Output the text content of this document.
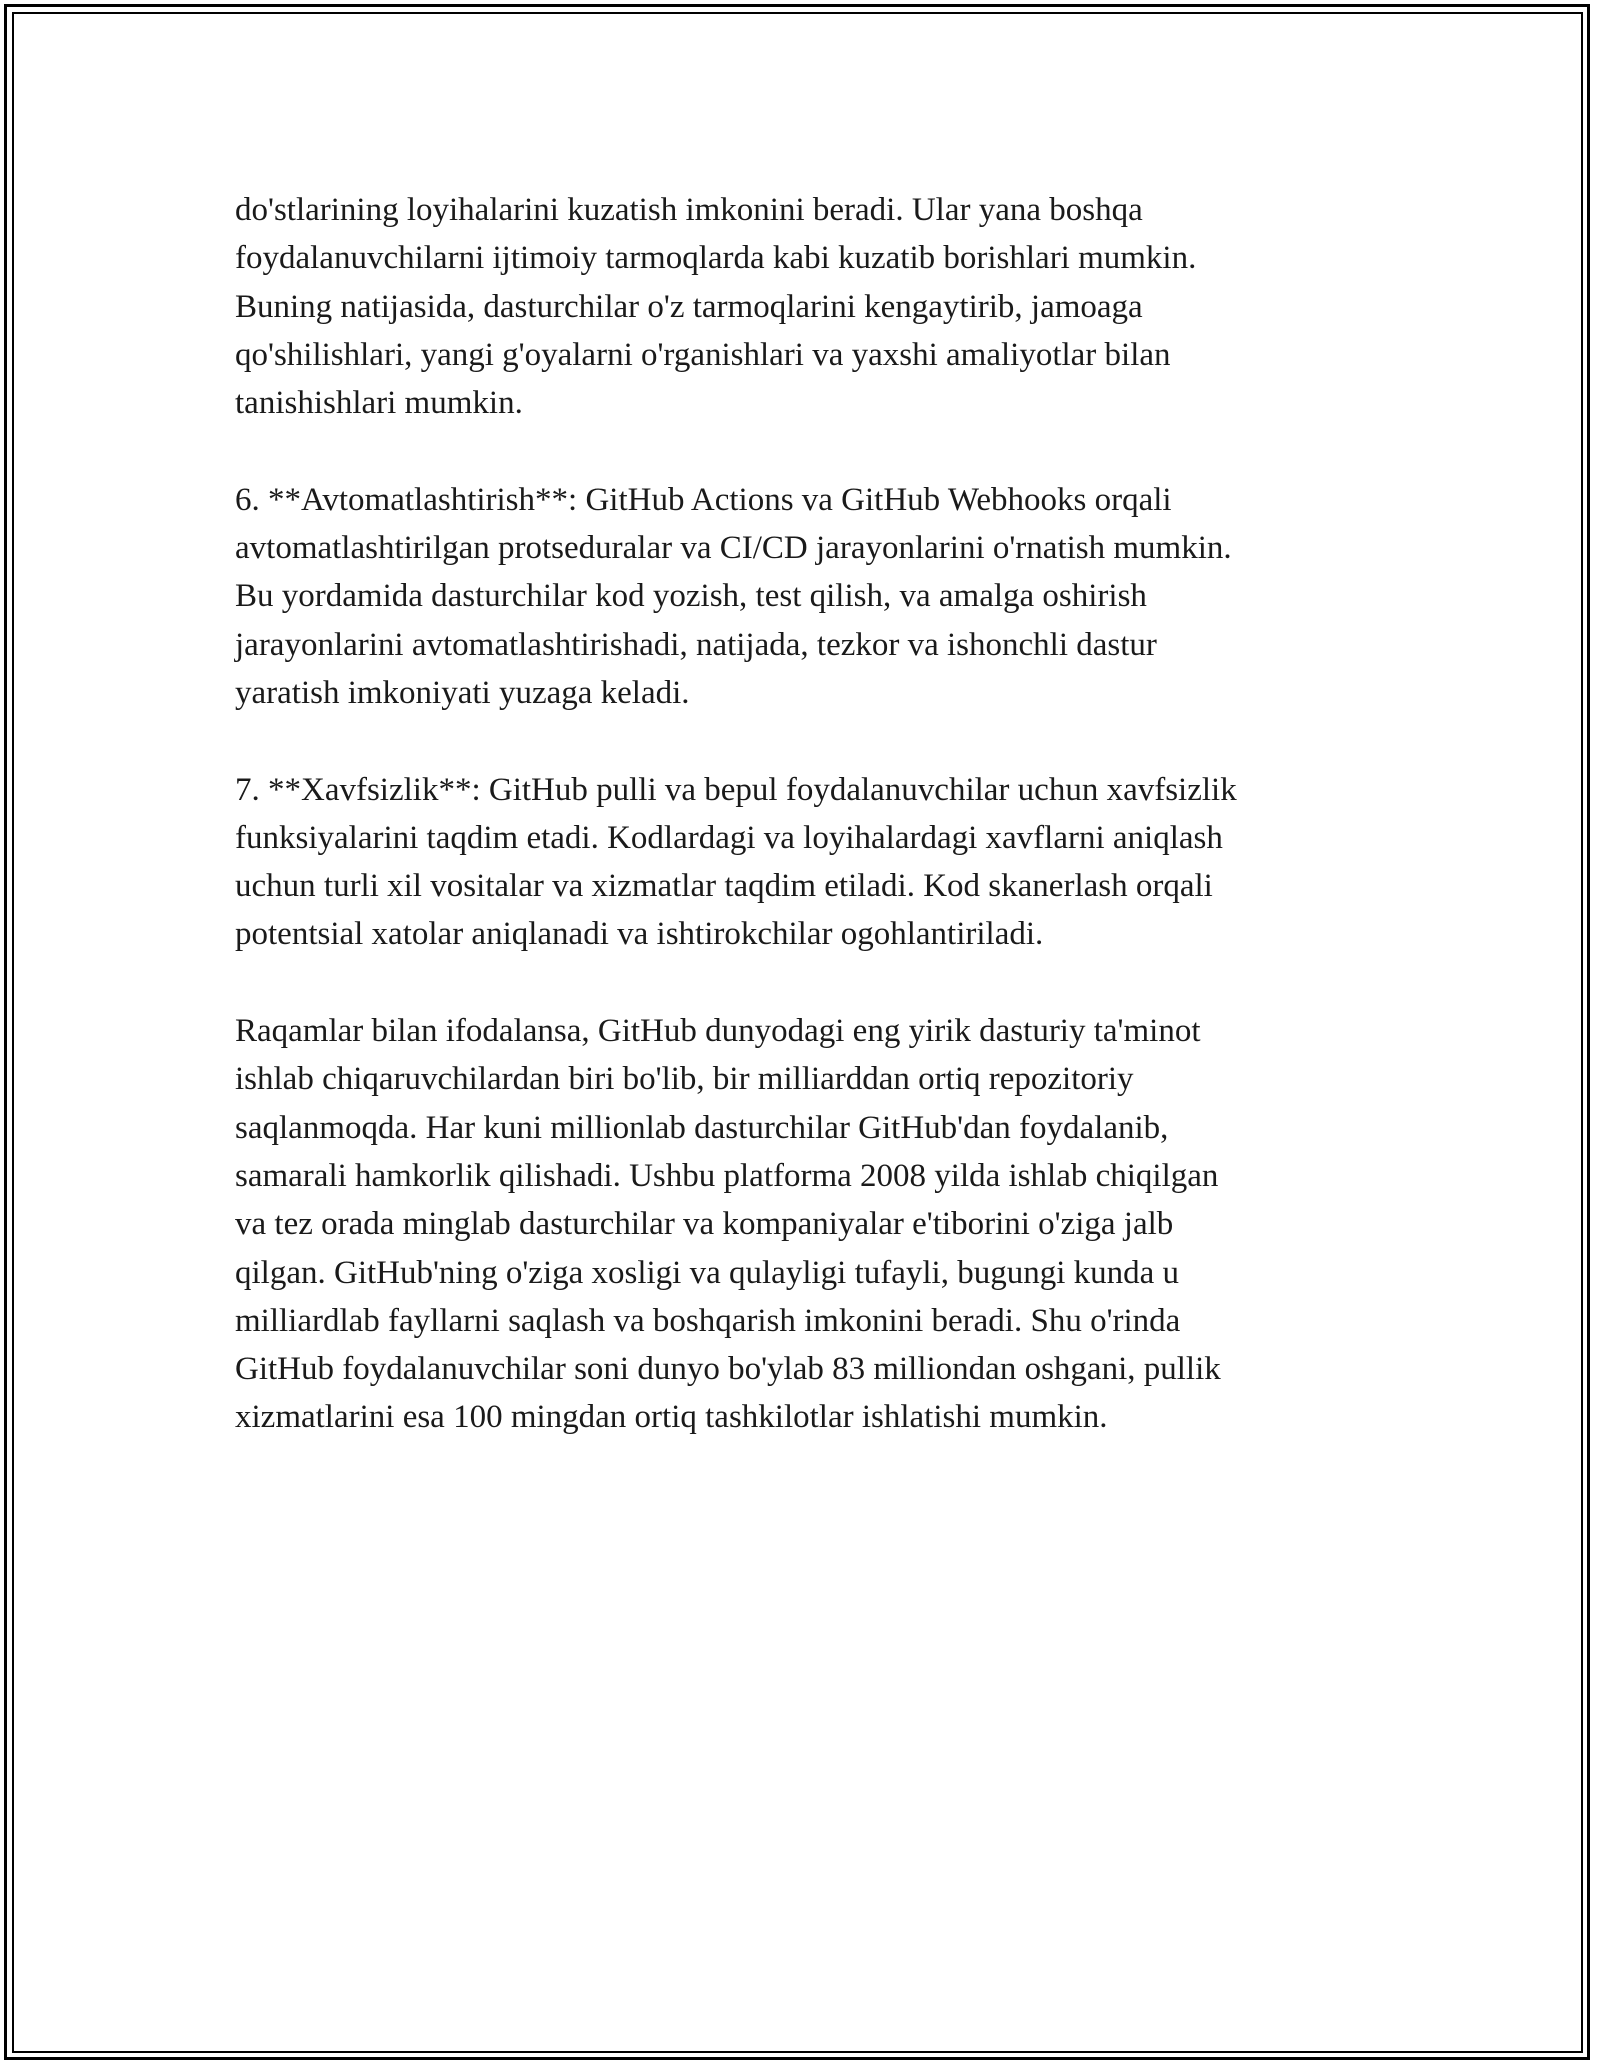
do'stlarining loyihalarini kuzatish imkonini beradi. Ular yana boshqa
foydalanuvchilarni ijtimoiy tarmoqlarda kabi kuzatib borishlari mumkin.
Buning natijasida, dasturchilar o'z tarmoqlarini kengaytirib, jamoaga
qo'shilishlari, yangi g'oyalarni o'rganishlari va yaxshi amaliyotlar bilan
tanishishlari mumkin.
6. **Avtomatlashtirish**: GitHub Actions va GitHub Webhooks orqali
avtomatlashtirilgan protseduralar va CI/CD jarayonlarini o'rnatish mumkin.
Bu yordamida dasturchilar kod yozish, test qilish, va amalga oshirish
jarayonlarini avtomatlashtirishadi, natijada, tezkor va ishonchli dastur
yaratish imkoniyati yuzaga keladi.
7. **Xavfsizlik**: GitHub pulli va bepul foydalanuvchilar uchun xavfsizlik
funksiyalarini taqdim etadi. Kodlardagi va loyihalardagi xavflarni aniqlash
uchun turli xil vositalar va xizmatlar taqdim etiladi. Kod skanerlash orqali
potentsial xatolar aniqlanadi va ishtirokchilar ogohlantiriladi.
Raqamlar bilan ifodalansa, GitHub dunyodagi eng yirik dasturiy ta'minot
ishlab chiqaruvchilardan biri bo'lib, bir milliarddan ortiq repozitoriy
saqlanmoqda. Har kuni millionlab dasturchilar GitHub'dan foydalanib,
samarali hamkorlik qilishadi. Ushbu platforma 2008 yilda ishlab chiqilgan
va tez orada minglab dasturchilar va kompaniyalar e'tiborini o'ziga jalb
qilgan. GitHub'ning o'ziga xosligi va qulayligi tufayli, bugungi kunda u
milliardlab fayllarni saqlash va boshqarish imkonini beradi. Shu o'rinda
GitHub foydalanuvchilar soni dunyo bo'ylab 83 milliondan oshgani, pullik
xizmatlarini esa 100 mingdan ortiq tashkilotlar ishlatishi mumkin.
